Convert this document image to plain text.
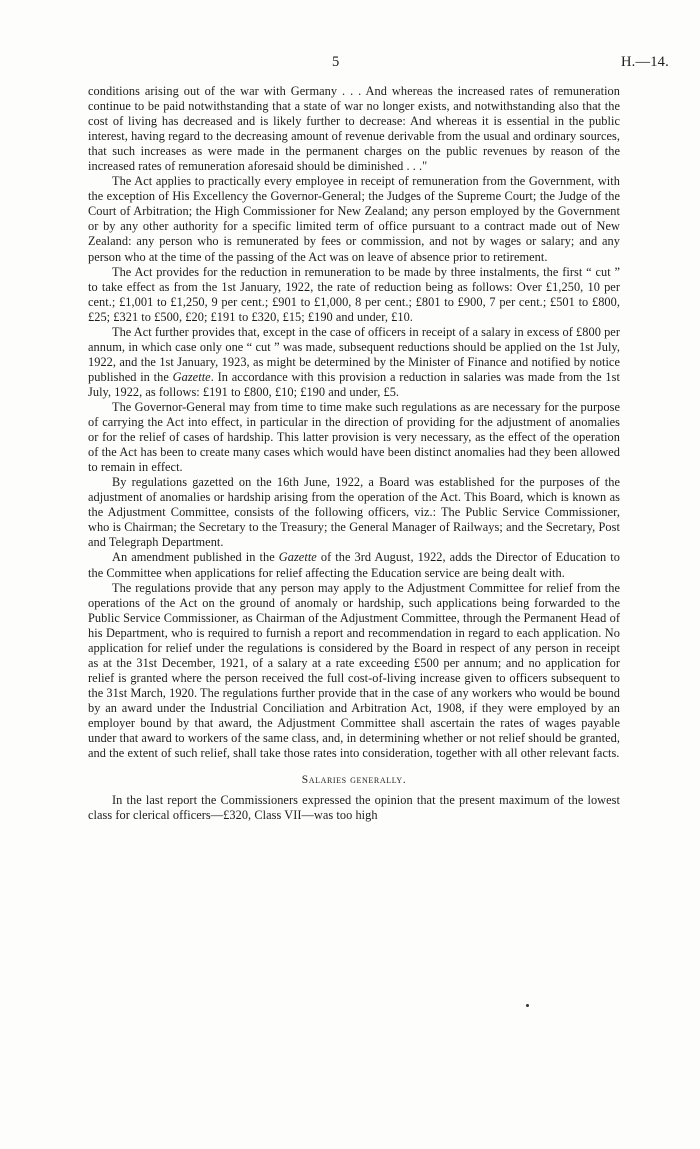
5	H.—14.

conditions arising out of the war with Germany . . . And whereas the increased rates of remuneration continue to be paid notwithstanding that a state of war no longer exists, and notwithstanding also that the cost of living has decreased and is likely further to decrease: And whereas it is essential in the public interest, having regard to the decreasing amount of revenue derivable from the usual and ordinary sources, that such increases as were made in the permanent charges on the public revenues by reason of the increased rates of remuneration aforesaid should be diminished . . ."

The Act applies to practically every employee in receipt of remuneration from the Government, with the exception of His Excellency the Governor-General; the Judges of the Supreme Court; the Judge of the Court of Arbitration; the High Commissioner for New Zealand; any person employed by the Government or by any other authority for a specific limited term of office pursuant to a contract made out of New Zealand: any person who is remunerated by fees or commission, and not by wages or salary; and any person who at the time of the passing of the Act was on leave of absence prior to retirement.

The Act provides for the reduction in remuneration to be made by three instalments, the first “ cut ” to take effect as from the 1st January, 1922, the rate of reduction being as follows: Over £1,250, 10 per cent.; £1,001 to £1,250, 9 per cent.; £901 to £1,000, 8 per cent.; £801 to £900, 7 per cent.; £501 to £800, £25; £321 to £500, £20; £191 to £320, £15; £190 and under, £10.

The Act further provides that, except in the case of officers in receipt of a salary in excess of £800 per annum, in which case only one “ cut ” was made, subsequent reductions should be applied on the 1st July, 1922, and the 1st January, 1923, as might be determined by the Minister of Finance and notified by notice published in the Gazette. In accordance with this provision a reduction in salaries was made from the 1st July, 1922, as follows: £191 to £800, £10; £190 and under, £5.

The Governor-General may from time to time make such regulations as are necessary for the purpose of carrying the Act into effect, in particular in the direction of providing for the adjustment of anomalies or for the relief of cases of hardship. This latter provision is very necessary, as the effect of the operation of the Act has been to create many cases which would have been distinct anomalies had they been allowed to remain in effect.

By regulations gazetted on the 16th June, 1922, a Board was established for the purposes of the adjustment of anomalies or hardship arising from the operation of the Act. This Board, which is known as the Adjustment Committee, consists of the following officers, viz.: The Public Service Commissioner, who is Chairman; the Secretary to the Treasury; the General Manager of Railways; and the Secretary, Post and Telegraph Department.

An amendment published in the Gazette of the 3rd August, 1922, adds the Director of Education to the Committee when applications for relief affecting the Education service are being dealt with.

The regulations provide that any person may apply to the Adjustment Committee for relief from the operations of the Act on the ground of anomaly or hardship, such applications being forwarded to the Public Service Commissioner, as Chairman of the Adjustment Committee, through the Permanent Head of his Department, who is required to furnish a report and recommendation in regard to each application. No application for relief under the regulations is considered by the Board in respect of any person in receipt as at the 31st December, 1921, of a salary at a rate exceeding £500 per annum; and no application for relief is granted where the person received the full cost-of-living increase given to officers subsequent to the 31st March, 1920. The regulations further provide that in the case of any workers who would be bound by an award under the Industrial Conciliation and Arbitration Act, 1908, if they were employed by an employer bound by that award, the Adjustment Committee shall ascertain the rates of wages payable under that award to workers of the same class, and, in determining whether or not relief should be granted, and the extent of such relief, shall take those rates into consideration, together with all other relevant facts.

Salaries generally.

In the last report the Commissioners expressed the opinion that the present maximum of the lowest class for clerical officers—£320, Class VII—was too high
